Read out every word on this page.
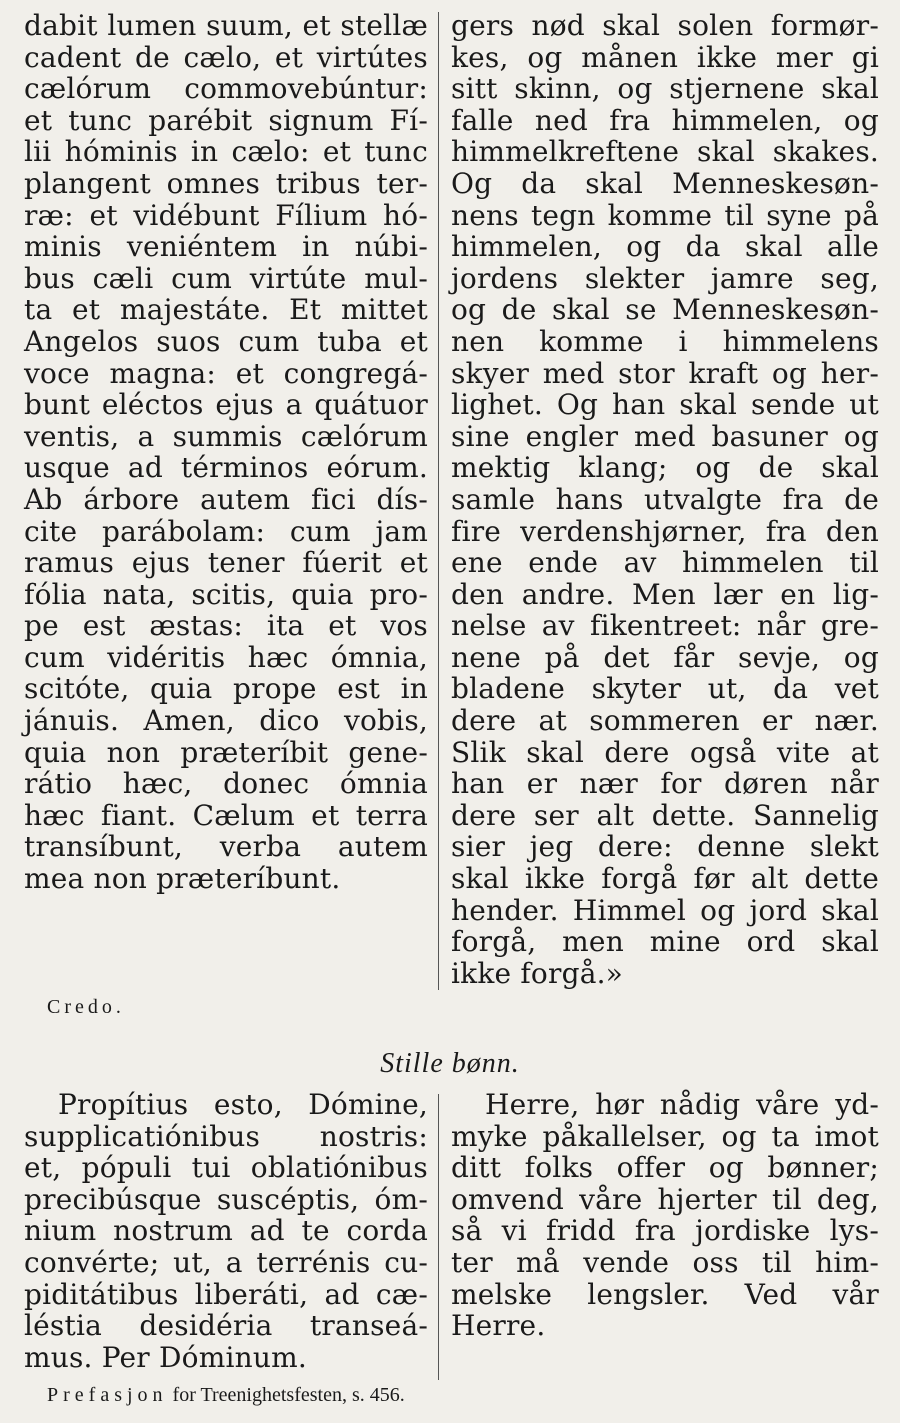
dabit lumen suum, et stellæ
cadent de cælo, et virtútes
cælórum commovebúntur:
et tunc parébit signum Fí-
lii hóminis in cælo: et tunc
plangent omnes tribus ter-
ræ: et vidébunt Fílium hó-
minis veniéntem in núbi-
bus cæli cum virtúte mul-
ta et majestáte. Et mittet
Angelos suos cum tuba et
voce magna: et congregá-
bunt eléctos ejus a quátuor
ventis, a summis cælórum
usque ad términos eórum.
Ab árbore autem fici dís-
cite parábolam: cum jam
ramus ejus tener fúerit et
fólia nata, scitis, quia pro-
pe est æstas: ita et vos
cum vidéritis hæc ómnia,
scitóte, quia prope est in
jánuis. Amen, dico vobis,
quia non præteríbit gene-
rátio hæc, donec ómnia
hæc fiant. Cælum et terra
transíbunt, verba autem
mea non præteríbunt.
gers nød skal solen formør-
kes, og månen ikke mer gi
sitt skinn, og stjernene skal
falle ned fra himmelen, og
himmelkreftene skal skakes.
Og da skal Menneskesøn-
nens tegn komme til syne på
himmelen, og da skal alle
jordens slekter jamre seg,
og de skal se Menneskesøn-
nen komme i himmelens
skyer med stor kraft og her-
lighet. Og han skal sende ut
sine engler med basuner og
mektig klang; og de skal
samle hans utvalgte fra de
fire verdenshjørner, fra den
ene ende av himmelen til
den andre. Men lær en lig-
nelse av fikentreet: når gre-
nene på det får sevje, og
bladene skyter ut, da vet
dere at sommeren er nær.
Slik skal dere også vite at
han er nær for døren når
dere ser alt dette. Sannelig
sier jeg dere: denne slekt
skal ikke forgå før alt dette
hender. Himmel og jord skal
forgå, men mine ord skal
ikke forgå.»
Credo.
Stille bønn.
Propítius esto, Dómine,
supplicatiónibus nostris:
et, pópuli tui oblatiónibus
precibúsque suscéptis, óm-
nium nostrum ad te corda
convérte; ut, a terrénis cu-
piditátibus liberáti, ad cæ-
léstia desidéria transeá-
mus. Per Dóminum.
Herre, hør nådig våre yd-
myke påkallelser, og ta imot
ditt folks offer og bønner;
omvend våre hjerter til deg,
så vi fridd fra jordiske lys-
ter må vende oss til him-
melske lengsler. Ved vår
Herre.
Prefasjon for Treenighetsfesten, s. 456.
